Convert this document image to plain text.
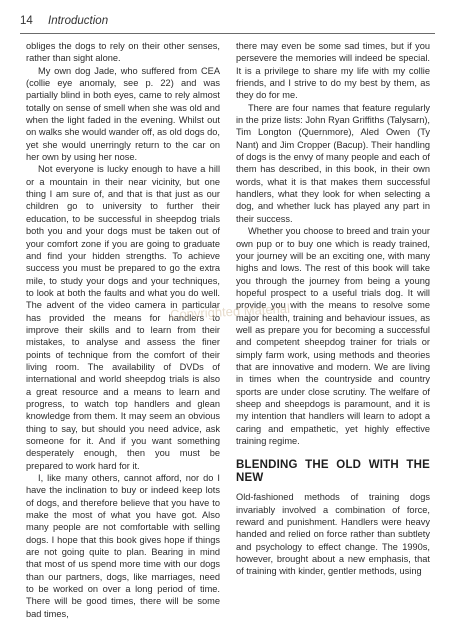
14 Introduction

obliges the dogs to rely on their other senses, rather than sight alone.

My own dog Jade, who suffered from CEA (collie eye anomaly, see p. 22) and was partially blind in both eyes, came to rely almost totally on sense of smell when she was old and when the light faded in the evening. Whilst out on walks she would wander off, as old dogs do, yet she would unerringly return to the car on her own by using her nose.

Not everyone is lucky enough to have a hill or a mountain in their near vicinity, but one thing I am sure of, and that is that just as our children go to university to further their education, to be successful in sheepdog trials both you and your dogs must be taken out of your comfort zone if you are going to graduate and find your hidden strengths. To achieve success you must be prepared to go the extra mile, to study your dogs and your techniques, to look at both the faults and what you do well. The advent of the video camera in particular has provided the means for handlers to improve their skills and to learn from their mistakes, to analyse and assess the finer points of technique from the comfort of their living room. The availability of DVDs of international and world sheepdog trials is also a great resource and a means to learn and progress, to watch top handlers and glean knowledge from them. It may seem an obvious thing to say, but should you need advice, ask someone for it. And if you want something desperately enough, then you must be prepared to work hard for it.

I, like many others, cannot afford, nor do I have the inclination to buy or indeed keep lots of dogs, and therefore believe that you have to make the most of what you have got. Also many people are not comfortable with selling dogs. I hope that this book gives hope if things are not going quite to plan. Bearing in mind that most of us spend more time with our dogs than our partners, dogs, like marriages, need to be worked on over a long period of time. There will be good times, there will be some bad times,

there may even be some sad times, but if you persevere the memories will indeed be special. It is a privilege to share my life with my collie friends, and I strive to do my best by them, as they do for me.

There are four names that feature regularly in the prize lists: John Ryan Griffiths (Talysarn), Tim Longton (Quernmore), Aled Owen (Ty Nant) and Jim Cropper (Bacup). Their handling of dogs is the envy of many people and each of them has described, in this book, in their own words, what it is that makes them successful handlers, what they look for when selecting a dog, and whether luck has played any part in their success.

Whether you choose to breed and train your own pup or to buy one which is ready trained, your journey will be an exciting one, with many highs and lows. The rest of this book will take you through the journey from being a young hopeful prospect to a useful trials dog. It will provide you with the means to resolve some major health, training and behaviour issues, as well as prepare you for becoming a successful and competent sheepdog trainer for trials or simply farm work, using methods and theories that are innovative and modern. We are living in times when the countryside and country sports are under close scrutiny. The welfare of sheep and sheepdogs is paramount, and it is my intention that handlers will learn to adopt a caring and empathetic, yet highly effective training regime.

BLENDING THE OLD WITH THE NEW

Old-fashioned methods of training dogs invariably involved a combination of force, reward and punishment. Handlers were heavy handed and relied on force rather than subtlety and psychology to effect change. The 1990s, however, brought about a new emphasis, that of training with kinder, gentler methods, using

Copyrighted Material
